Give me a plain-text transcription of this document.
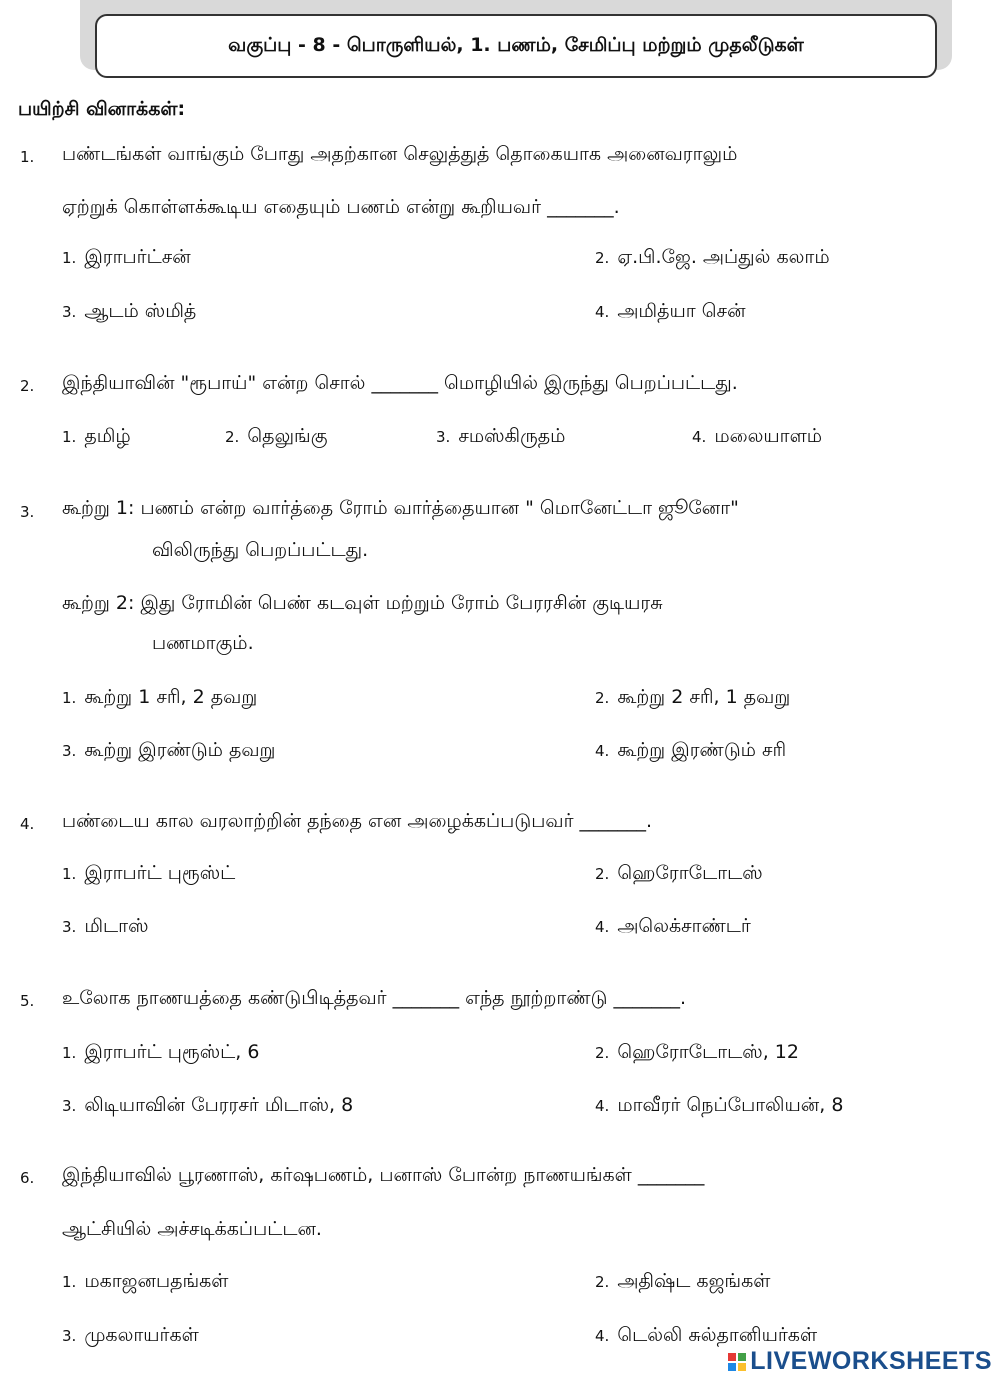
வகுப்பு - 8 - பொருளியல், 1. பணம், சேமிப்பு மற்றும் முதலீடுகள்
பயிற்சி வினாக்கள்:
1. பண்டங்கள் வாங்கும் போது அதற்கான செலுத்துத் தொகையாக அனைவராலும்
ஏற்றுக் கொள்ளக்கூடிய எதையும் பணம் என்று கூறியவர் _______.
1. இராபர்ட்சன்	2. ஏ.பி.ஜே. அப்துல் கலாம்
3. ஆடம் ஸ்மித்	4. அமித்யா சென்
2. இந்தியாவின் "ரூபாய்" என்ற சொல் _______ மொழியில் இருந்து பெறப்பட்டது.
1. தமிழ்	2. தெலுங்கு	3. சமஸ்கிருதம்	4. மலையாளம்
3. கூற்று 1: பணம் என்ற வார்த்தை ரோம் வார்த்தையான " மொனேட்டா ஜூனோ"
விலிருந்து பெறப்பட்டது.
கூற்று 2: இது ரோமின் பெண் கடவுள் மற்றும் ரோம் பேரரசின் குடியரசு
பணமாகும்.
1. கூற்று 1 சரி, 2 தவறு	2. கூற்று 2 சரி, 1 தவறு
3. கூற்று இரண்டும் தவறு	4. கூற்று இரண்டும் சரி
4. பண்டைய கால வரலாற்றின் தந்தை என அழைக்கப்படுபவர் _______.
1. இராபர்ட் புரூஸ்ட்	2. ஹெரோடோடஸ்
3. மிடாஸ்	4. அலெக்சாண்டர்
5. உலோக நாணயத்தை கண்டுபிடித்தவர் _______ எந்த நூற்றாண்டு _______.
1. இராபர்ட் புரூஸ்ட், 6	2. ஹெரோடோடஸ், 12
3. லிடியாவின் பேரரசர் மிடாஸ், 8	4. மாவீரர் நெப்போலியன், 8
6. இந்தியாவில் பூரணாஸ், கர்ஷபணம், பனாஸ் போன்ற நாணயங்கள் _______
ஆட்சியில் அச்சடிக்கப்பட்டன.
1. மகாஜனபதங்கள்	2. அதிஷ்ட கஜங்கள்
3. முகலாயர்கள்	4. டெல்லி சுல்தானியர்கள்
LIVEWORKSHEETS
